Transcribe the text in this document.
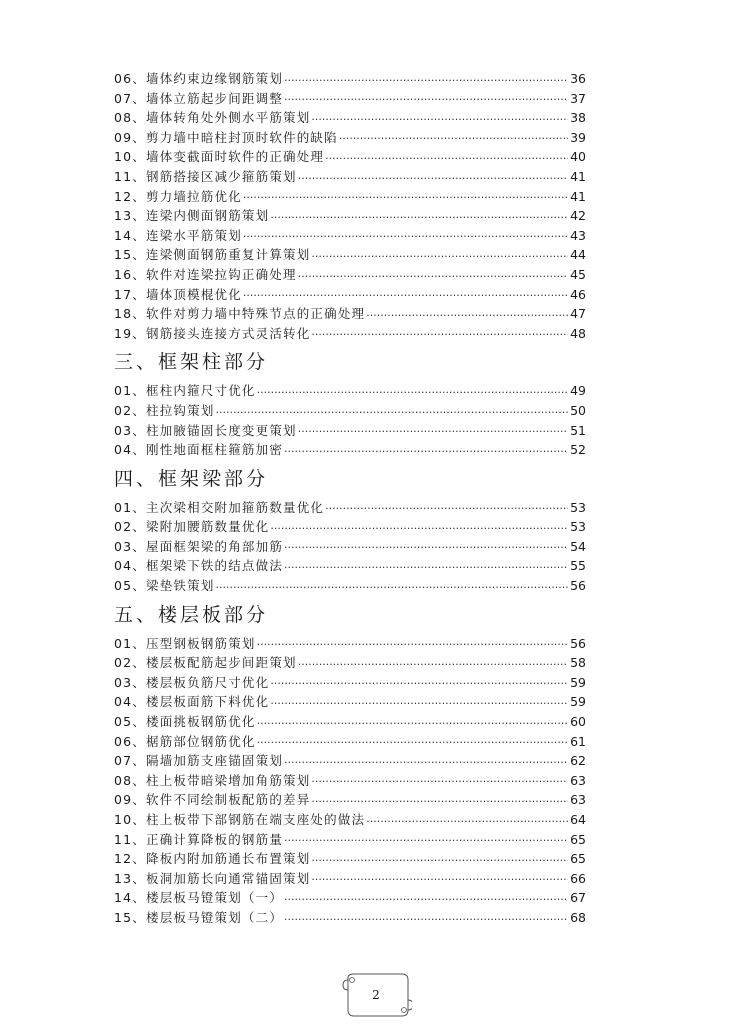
06、 墙体约束边缘钢筋策划 ·····	36
07、 墙体立筋起步间距调整 ·····	37
08、 墙体转角处外侧水平筋策划 ·····	38
09、 剪力墙中暗柱封顶时软件的缺陷 ·····	39
10、 墙体变截面时软件的正确处理 ·····	40
11、 钢筋搭接区减少箍筋策划 ·····	41
12、 剪力墙拉筋优化 ·····	41
13、 连梁内侧面钢筋策划 ·····	42
14、 连梁水平筋策划 ·····	43
15、 连梁侧面钢筋重复计算策划 ·····	44
16、 软件对连梁拉钩正确处理 ·····	45
17、 墙体顶模棍优化 ·····	46
18、 软件对剪力墙中特殊节点的正确处理 ·····	47
19、 钢筋接头连接方式灵活转化 ·····	48
三、框架柱部分
01、 框柱内箍尺寸优化 ·····	49
02、 柱拉钩策划 ·····	50
03、 柱加腋锚固长度变更策划 ·····	51
04、 刚性地面框柱箍筋加密 ·····	52
四、框架梁部分
01、 主次梁相交附加箍筋数量优化 ·····	53
02、 梁附加腰筋数量优化 ·····	53
03、 屋面框架梁的角部加筋 ·····	54
04、 框架梁下铁的结点做法 ·····	55
05、 梁垫铁策划 ·····	56
五、楼层板部分
01、 压型钢板钢筋策划 ·····	56
02、 楼层板配筋起步间距策划 ·····	58
03、 楼层板负筋尺寸优化 ·····	59
04、 楼层板面筋下料优化 ·····	59
05、 楼面挑板钢筋优化 ·····	60
06、 椐筋部位钢筋优化 ·····	61
07、 隔墙加筋支座锚固策划 ·····	62
08、 柱上板带暗梁增加角筋策划 ·····	63
09、 软件不同绘制板配筋的差异 ·····	63
10、 柱上板带下部钢筋在端支座处的做法 ·····	64
11、 正确计算降板的钢筋量 ·····	65
12、 降板内附加筋通长布置策划 ·····	65
13、 板洞加筋长向通常锚固策划 ·····	66
14、 楼层板马镫策划（一） ·····	67
15、 楼层板马镫策划（二） ·····	68
2
